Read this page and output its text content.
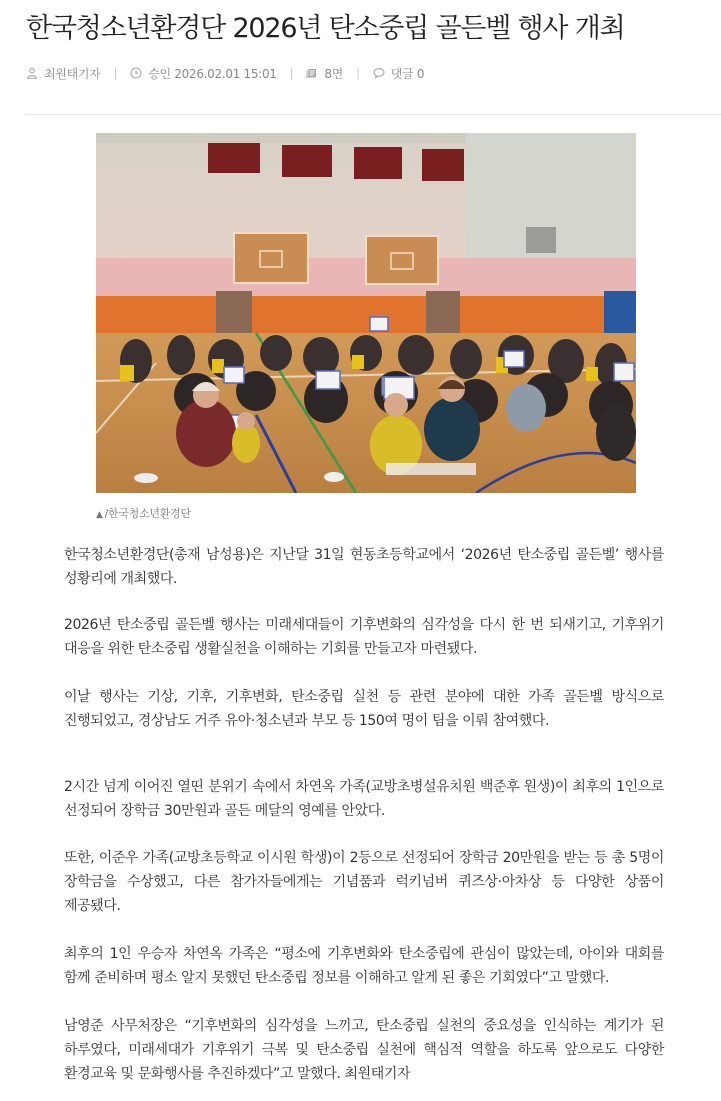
한국청소년환경단 2026년 탄소중립 골든벨 행사 개최
최원태기자 |	승인 2026.02.01 15:01 |	8면 |	댓글 0
▲ /한국청소년환경단

한국청소년환경단(총재 남성용)은 지난달 31일 현동초등학교에서 ‘2026년 탄소중립 골든벨’ 행사를 성황리에 개최했다.

2026년 탄소중립 골든벨 행사는 미래세대들이 기후변화의 심각성을 다시 한 번 되새기고, 기후위기 대응을 위한 탄소중립 생활실천을 이해하는 기회를 만들고자 마련됐다.

이날 행사는 기상, 기후, 기후변화, 탄소중립 실천 등 관련 분야에 대한 가족 골든벨 방식으로 진행되었고, 경상남도 거주 유아·청소년과 부모 등 150여 명이 팀을 이뤄 참여했다.

2시간 넘게 이어진 열띤 분위기 속에서 차연옥 가족(교방초병설유치원 백준후 원생)이 최후의 1인으로 선정되어 장학금 30만원과 골든 메달의 영예를 안았다.

또한, 이준우 가족(교방초등학교 이시원 학생)이 2등으로 선정되어 장학금 20만원을 받는 등 총 5명이 장학금을 수상했고, 다른 참가자들에게는 기념품과 럭키넘버 퀴즈상·아차상 등 다양한 상품이 제공됐다.

최후의 1인 우승자 차연옥 가족은 “평소에 기후변화와 탄소중립에 관심이 많았는데, 아이와 대회를 함께 준비하며 평소 알지 못했던 탄소중립 정보를 이해하고 알게 된 좋은 기회였다”고 말했다.

남영준 사무처장은 “기후변화의 심각성을 느끼고, 탄소중립 실천의 중요성을 인식하는 계기가 된 하루였다, 미래세대가 기후위기 극복 및 탄소중립 실천에 핵심적 역할을 하도록 앞으로도 다양한 환경교육 및 문화행사를 추진하겠다”고 말했다. 최원태기자
